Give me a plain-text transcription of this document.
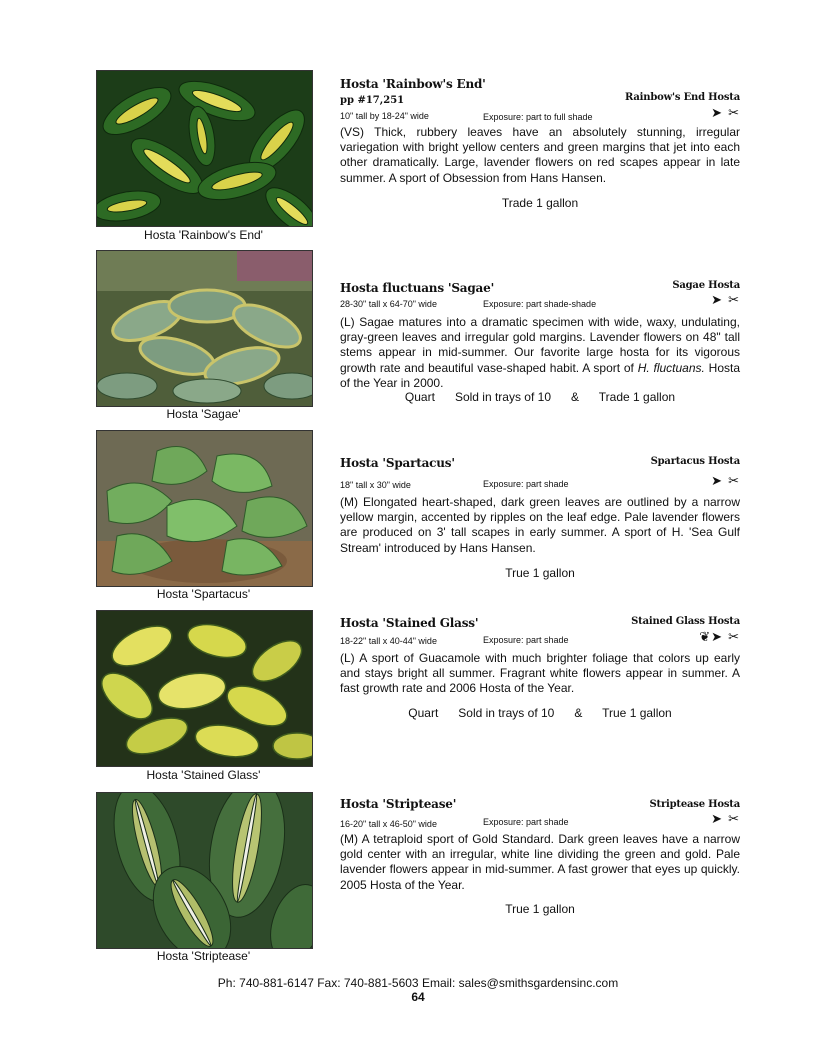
Hosta 'Rainbow's End'
Hosta 'Rainbow's End'
pp #17,251	Rainbow's End Hosta
10" tall by 18-24" wide	Exposure: part to full shade	➤ ✂

(VS) Thick, rubbery leaves have an absolutely stunning, irregular variegation with bright yellow centers and green margins that jet into each other dramatically. Large, lavender flowers on red scapes appear in late summer. A sport of Obsession from Hans Hansen.

Trade 1 gallon
Hosta 'Sagae'
Hosta fluctuans 'Sagae'	Sagae Hosta
28-30" tall x 64-70" wide	Exposure: part shade-shade	➤ ✂

(L) Sagae matures into a dramatic specimen with wide, waxy, undulating, gray-green leaves and irregular gold margins. Lavender flowers on 48" tall stems appear in mid-summer. Our favorite large hosta for its vigorous growth rate and beautiful vase-shaped habit. A sport of H. fluctuans. Hosta of the Year in 2000.

Quart      Sold in trays of 10      &      Trade 1 gallon
Hosta 'Spartacus'
Hosta 'Spartacus'	Spartacus Hosta
18" tall x 30" wide	Exposure: part shade	➤ ✂

(M) Elongated heart-shaped, dark green leaves are outlined by a narrow yellow margin, accented by ripples on the leaf edge. Pale lavender flowers are produced on 3' tall scapes in early summer. A sport of H. 'Sea Gulf Stream' introduced by Hans Hansen.

True 1 gallon
Hosta 'Stained Glass'
Hosta 'Stained Glass'	Stained Glass Hosta
18-22" tall x 40-44" wide	Exposure: part shade	❦➤ ✂

(L) A sport of Guacamole with much brighter foliage that colors up early and stays bright all summer. Fragrant white flowers appear in summer. A fast growth rate and 2006 Hosta of the Year.

Quart      Sold in trays of 10      &      True 1 gallon
Hosta 'Striptease'
Hosta 'Striptease'	Striptease Hosta
16-20" tall x 46-50" wide	Exposure: part shade	➤ ✂

(M) A tetraploid sport of Gold Standard. Dark green leaves have a narrow gold center with an irregular, white line dividing the green and gold. Pale lavender flowers appear in mid-summer. A fast grower that eyes up quickly. 2005 Hosta of the Year.

True 1 gallon
Ph: 740-881-6147 Fax: 740-881-5603 Email: sales@smithsgardensinc.com
64
